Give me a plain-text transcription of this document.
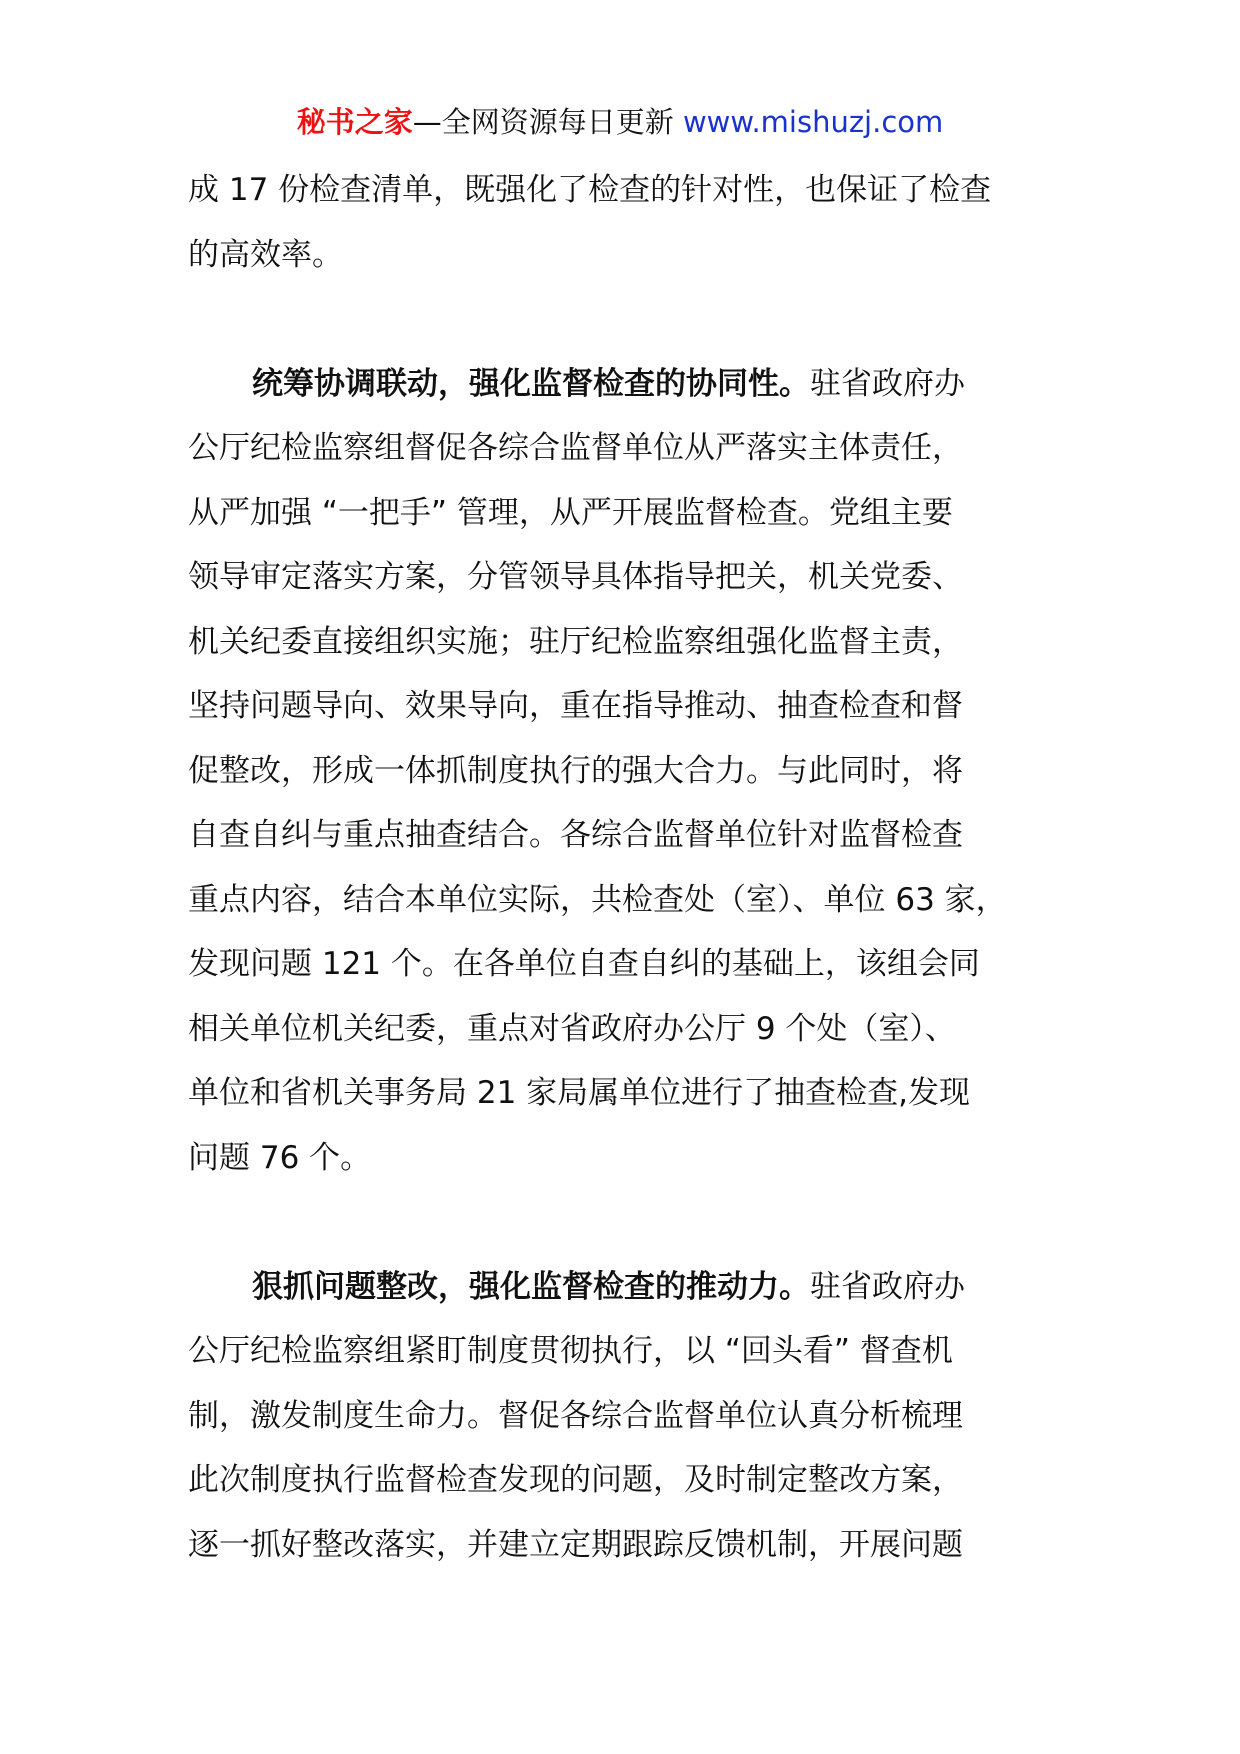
秘书之家—全网资源每日更新 www.mishuzj.com
成 17 份检查清单，既强化了检查的针对性，也保证了检查
的高效率。
统筹协调联动，强化监督检查的协同性。驻省政府办
公厅纪检监察组督促各综合监督单位从严落实主体责任，
从严加强 “一把手” 管理，从严开展监督检查。党组主要
领导审定落实方案，分管领导具体指导把关，机关党委、
机关纪委直接组织实施；驻厅纪检监察组强化监督主责，
坚持问题导向、效果导向，重在指导推动、抽查检查和督
促整改，形成一体抓制度执行的强大合力。与此同时，将
自查自纠与重点抽查结合。各综合监督单位针对监督检查
重点内容，结合本单位实际，共检查处（室）、单位 63 家，
发现问题 121 个。在各单位自查自纠的基础上，该组会同
相关单位机关纪委，重点对省政府办公厅 9 个处（室）、
单位和省机关事务局 21 家局属单位进行了抽查检查,发现
问题 76 个。
狠抓问题整改，强化监督检查的推动力。驻省政府办
公厅纪检监察组紧盯制度贯彻执行，以 “回头看” 督查机
制，激发制度生命力。督促各综合监督单位认真分析梳理
此次制度执行监督检查发现的问题，及时制定整改方案，
逐一抓好整改落实，并建立定期跟踪反馈机制，开展问题
